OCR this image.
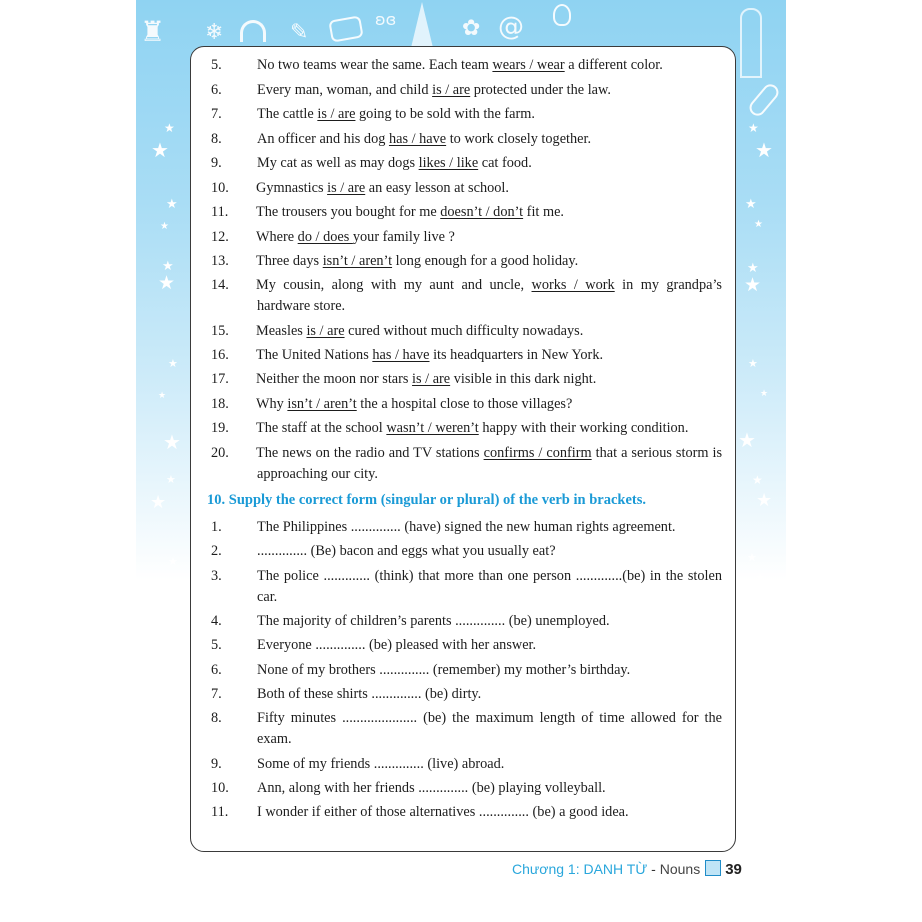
♜ ❄	✎
ʚɞ	✿ @
★
★
★
★
★
★
★
★
★
★
★
★
★
★
★
★
★
★
★
★
★
★
★
★
★
★
★
★
5. No two teams wear the same. Each team wears / wear a different color.
6. Every man, woman, and child is / are protected under the law.
7. The cattle is / are going to be sold with the farm.
8. An officer and his dog has / have to work closely together.
9. My cat as well as may dogs likes / like cat food.
10. Gymnastics is / are an easy lesson at school.
11. The trousers you bought for me doesn’t / don’t fit me.
12. Where do / does your family live ?
13. Three days isn’t / aren’t long enough for a good holiday.
14. My cousin, along with my aunt and uncle, works / work in my grandpa’s hardware store.
15. Measles is / are cured without much difficulty nowadays.
16. The United Nations has / have its headquarters in New York.
17. Neither the moon nor stars is / are visible in this dark night.
18. Why isn’t / aren’t the a hospital close to those villages?
19. The staff at the school wasn’t / weren’t happy with their working condition.
20. The news on the radio and TV stations confirms / confirm that a serious storm is approaching our city.
10. Supply the correct form (singular or plural) of the verb in brackets.
1. The Philippines .............. (have) signed the new human rights agreement.
2. .............. (Be) bacon and eggs what you usually eat?
3. The police ............. (think) that more than one person .............(be) in the stolen car.
4. The majority of children’s parents .............. (be) unemployed.
5. Everyone .............. (be) pleased with her answer.
6. None of my brothers .............. (remember) my mother’s birthday.
7. Both of these shirts .............. (be) dirty.
8. Fifty minutes ..................... (be) the maximum length of time allowed for the exam.
9. Some of my friends .............. (live) abroad.
10. Ann, along with her friends .............. (be) playing volleyball.
11. I wonder if either of those alternatives .............. (be) a good idea.
Chương 1: DANH TỪ - Nouns 39
